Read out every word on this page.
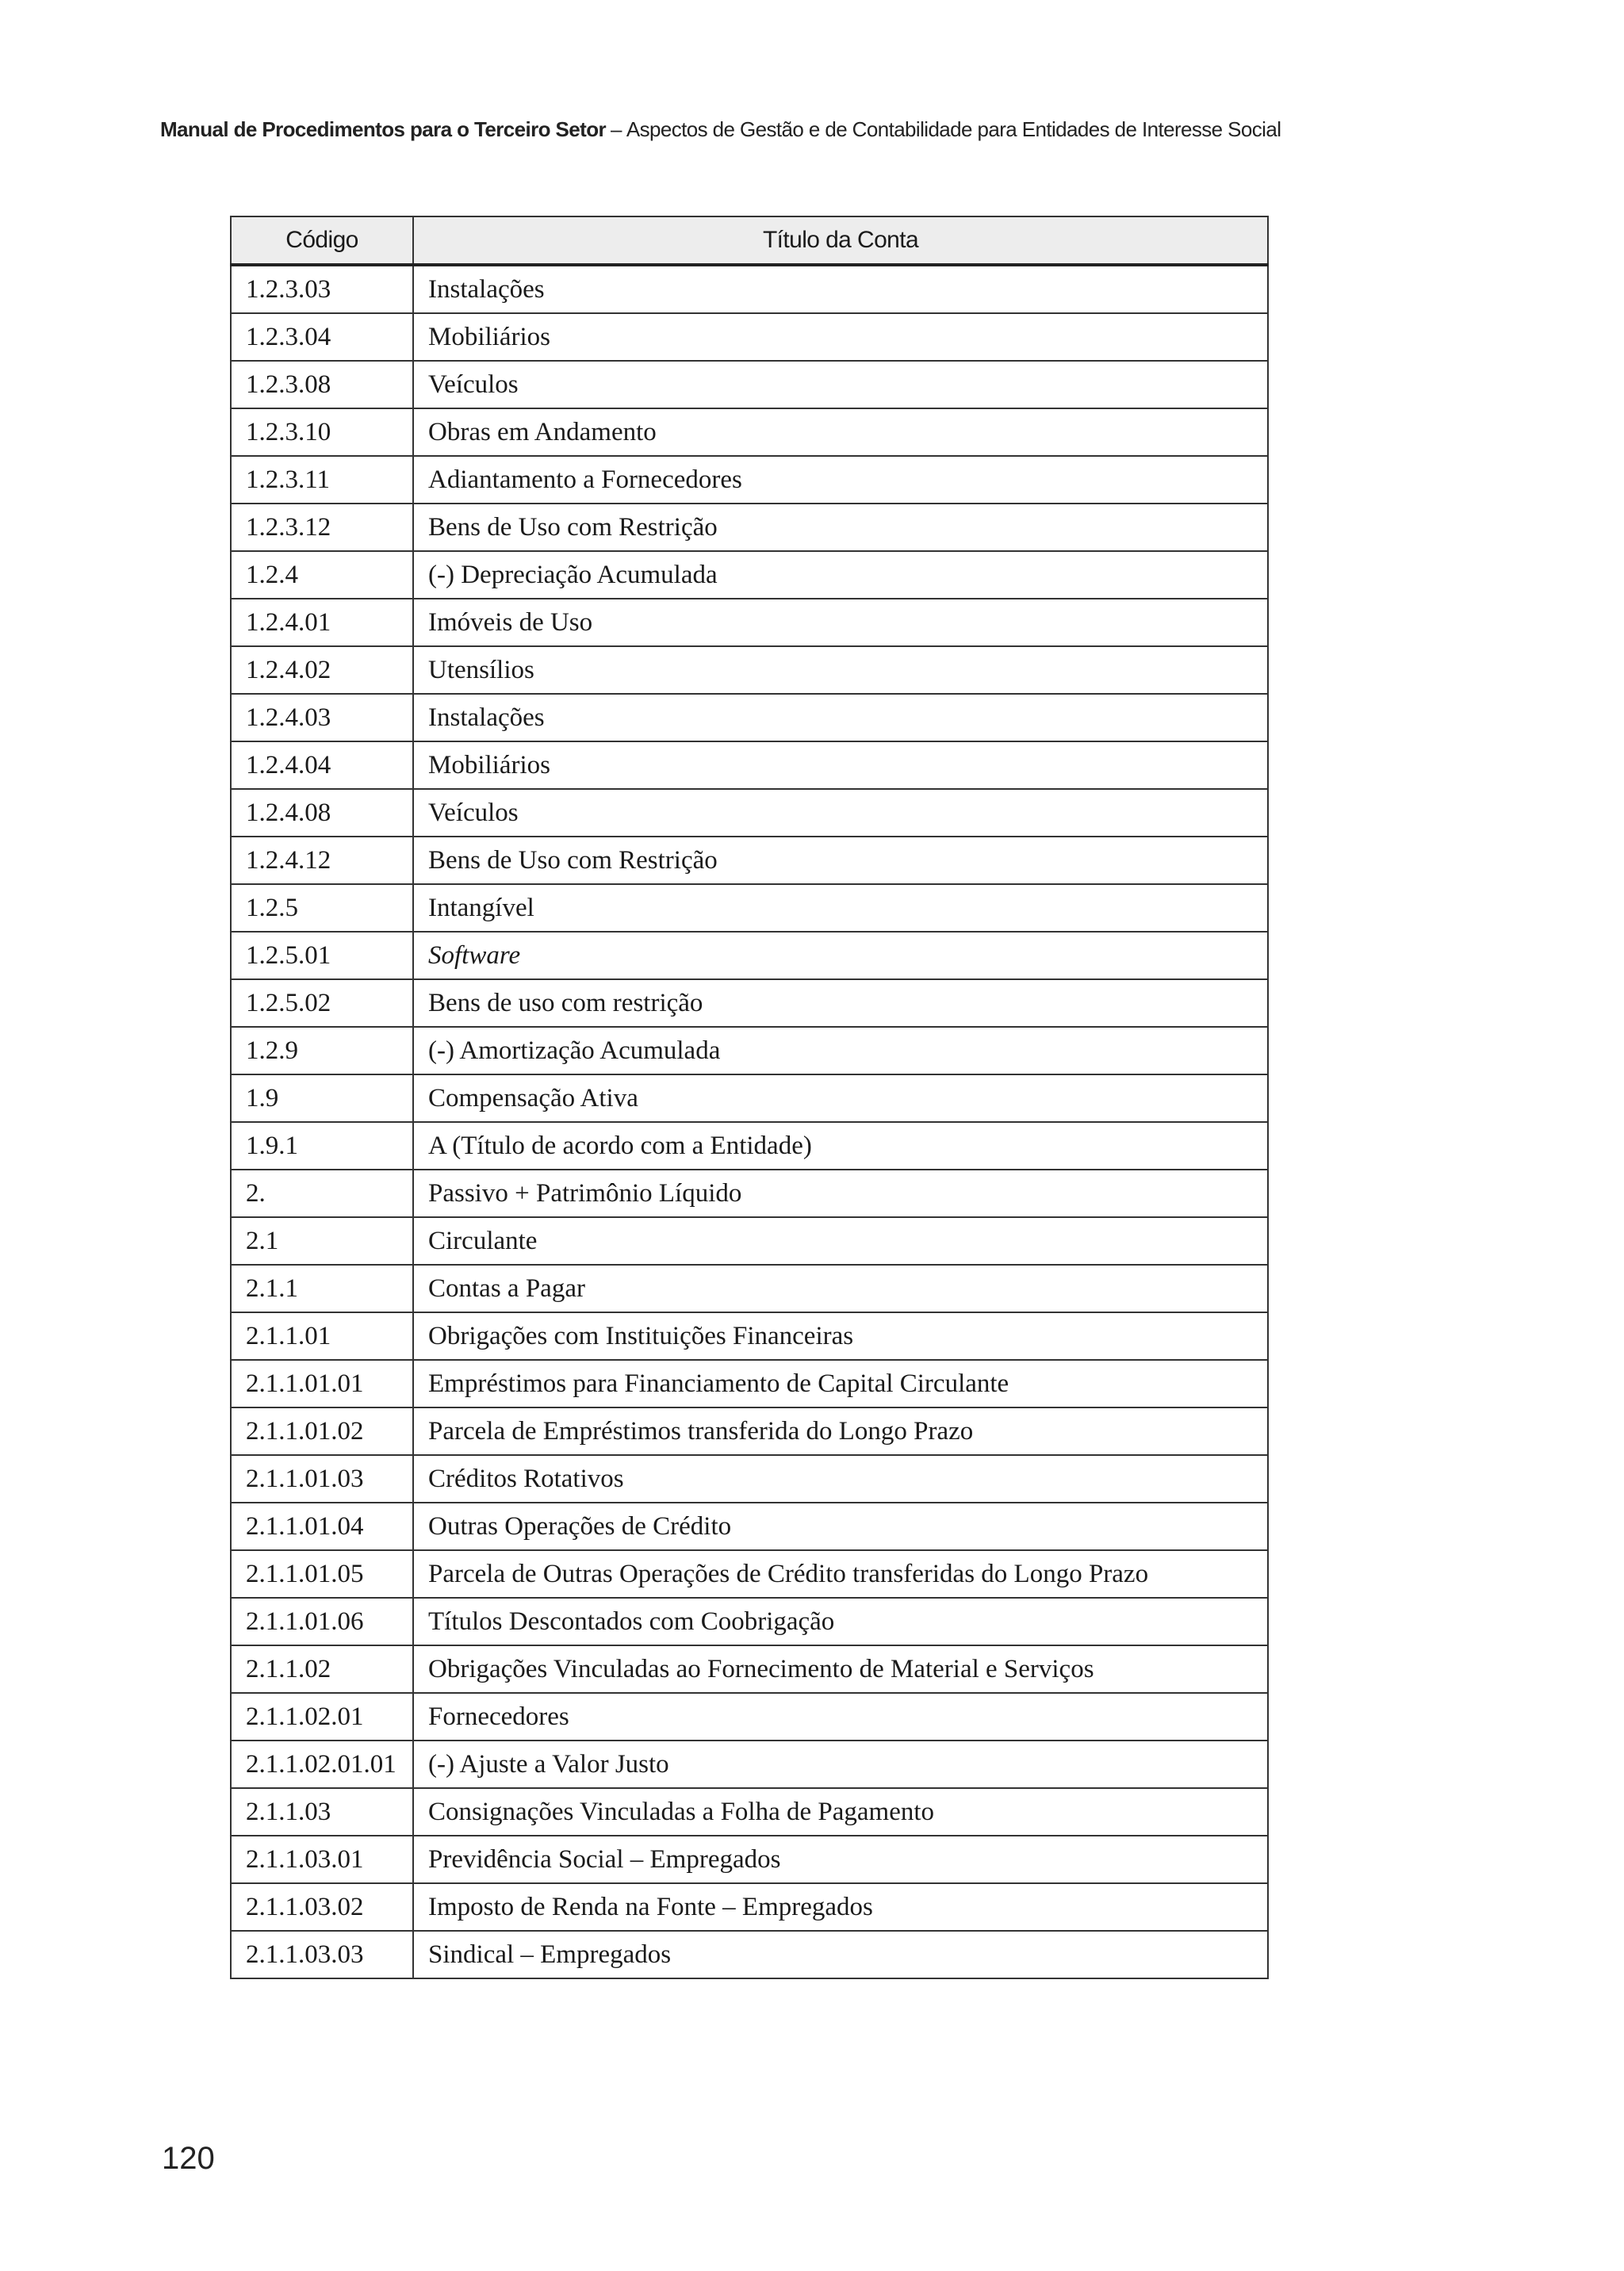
Manual de Procedimentos para o Terceiro Setor – Aspectos de Gestão e de Contabilidade para Entidades de Interesse Social
Código	Título da Conta
1.2.3.03	Instalações
1.2.3.04	Mobiliários
1.2.3.08	Veículos
1.2.3.10	Obras em Andamento
1.2.3.11	Adiantamento a Fornecedores
1.2.3.12	Bens de Uso com Restrição
1.2.4	(-) Depreciação Acumulada
1.2.4.01	Imóveis de Uso
1.2.4.02	Utensílios
1.2.4.03	Instalações
1.2.4.04	Mobiliários
1.2.4.08	Veículos
1.2.4.12	Bens de Uso com Restrição
1.2.5	Intangível
1.2.5.01	Software
1.2.5.02	Bens de uso com restrição
1.2.9	(-) Amortização Acumulada
1.9	Compensação Ativa
1.9.1	A (Título de acordo com a Entidade)
2.	Passivo + Patrimônio Líquido
2.1	Circulante
2.1.1	Contas a Pagar
2.1.1.01	Obrigações com Instituições Financeiras
2.1.1.01.01	Empréstimos para Financiamento de Capital Circulante
2.1.1.01.02	Parcela de Empréstimos transferida do Longo Prazo
2.1.1.01.03	Créditos Rotativos
2.1.1.01.04	Outras Operações de Crédito
2.1.1.01.05	Parcela de Outras Operações de Crédito transferidas do Longo Prazo
2.1.1.01.06	Títulos Descontados com Coobrigação
2.1.1.02	Obrigações Vinculadas ao Fornecimento de Material e Serviços
2.1.1.02.01	Fornecedores
2.1.1.02.01.01	(-) Ajuste a Valor Justo
2.1.1.03	Consignações Vinculadas a Folha de Pagamento
2.1.1.03.01	Previdência Social – Empregados
2.1.1.03.02	Imposto de Renda na Fonte – Empregados
2.1.1.03.03	Sindical – Empregados
120
